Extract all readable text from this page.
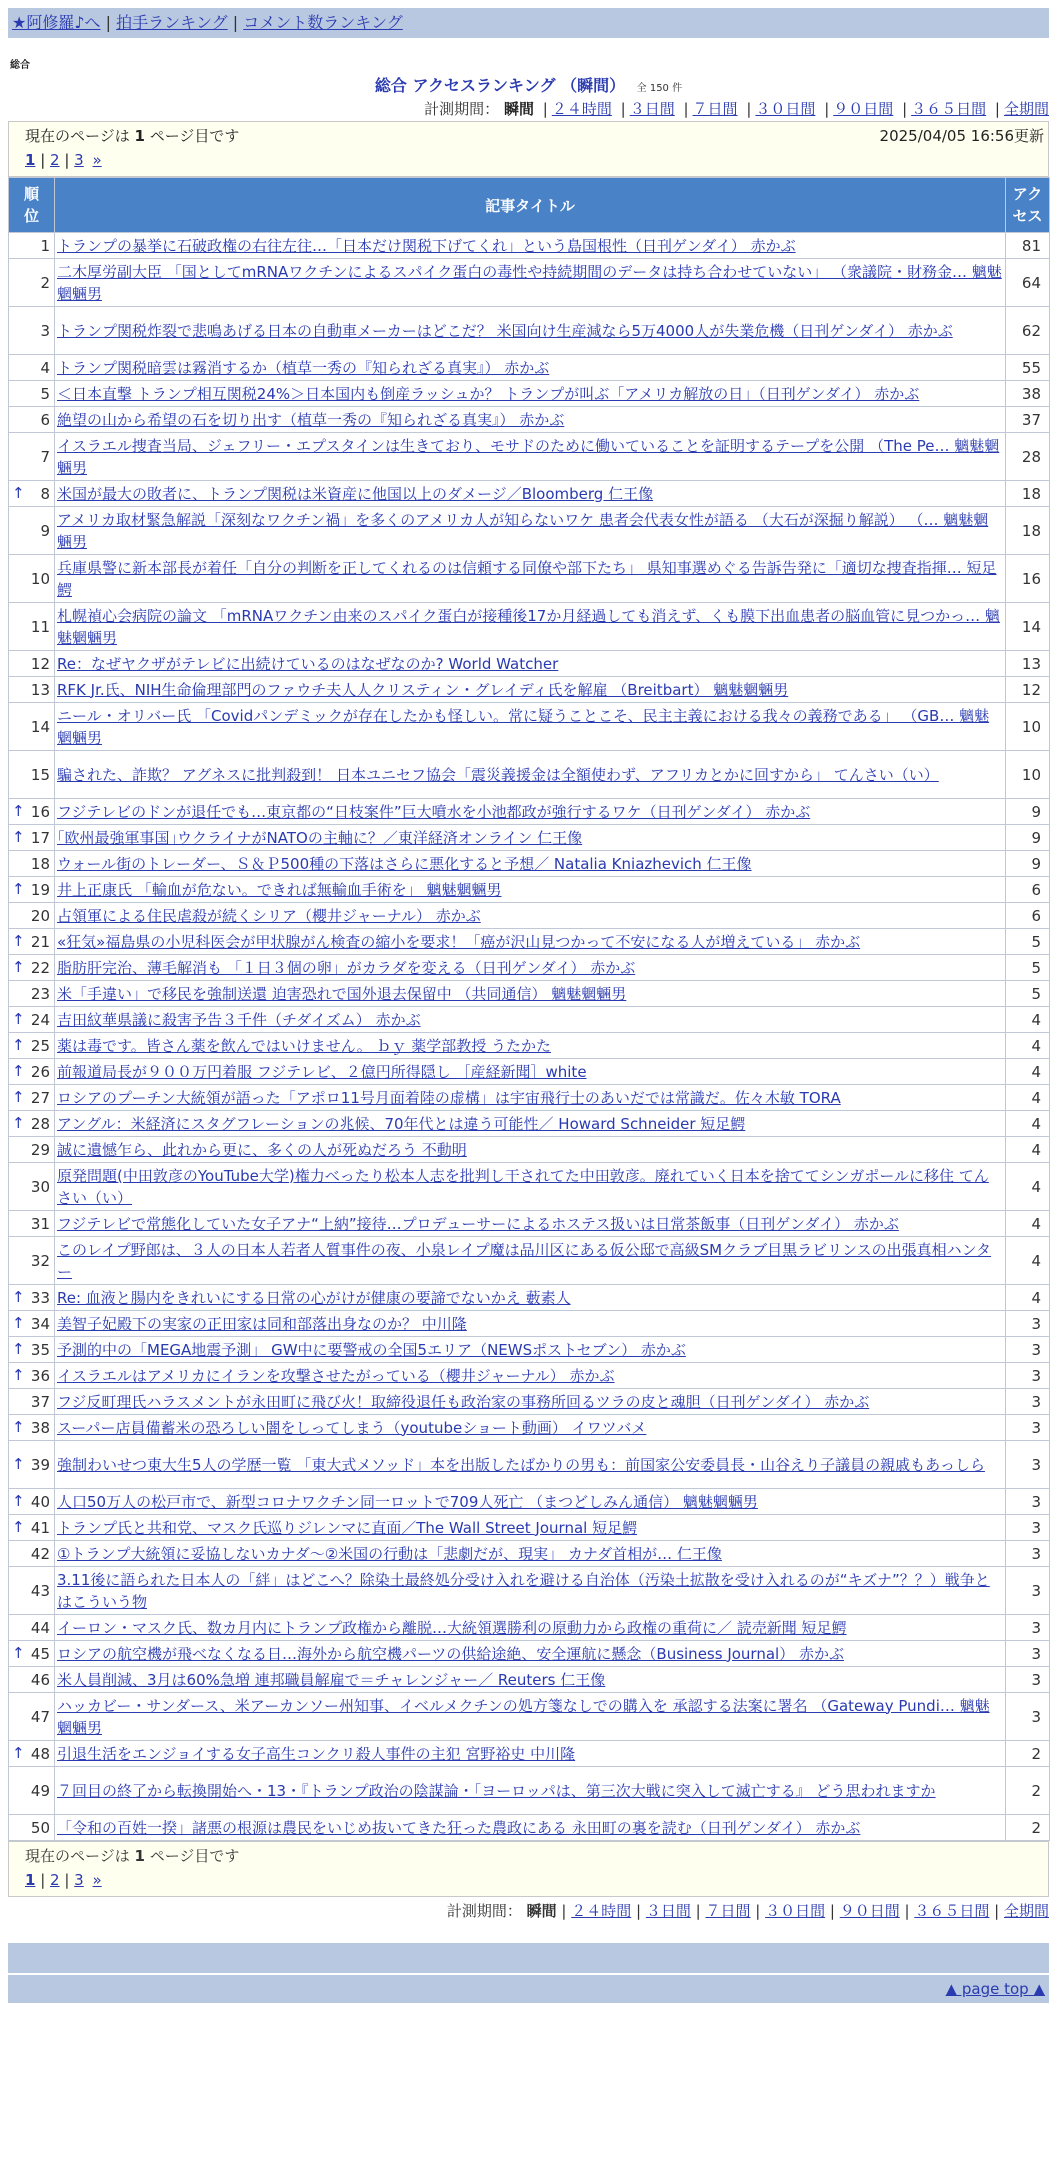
★阿修羅♪へ | 拍手ランキング | コメント数ランキング
総合
総合 アクセスランキング （瞬間） 全 150 件
計測期間： 瞬間 | ２４時間 | ３日間 | ７日間 | ３０日間 | ９０日間 | ３６５日間 | 全期間
現在のページは 1 ページ目です	2025/04/05 16:56更新
1 | 2 | 3 »
順位	記事タイトル	アクセス
1	トランプの暴挙に石破政権の右往左往…「日本だけ関税下げてくれ」という島国根性（日刊ゲンダイ） 赤かぶ	81
2	二木厚労副大臣 「国としてmRNAワクチンによるスパイク蛋白の毒性や持続期間のデータは持ち合わせていない」 （衆議院・財務金… 魑魅魍魎男	64
3	トランプ関税炸裂で悲鳴あげる日本の自動車メーカーはどこだ？ 米国向け生産減なら5万4000人が失業危機（日刊ゲンダイ） 赤かぶ	62
4	トランプ関税暗雲は霧消するか（植草一秀の『知られざる真実』） 赤かぶ	55
5	＜日本直撃 トランプ相互関税24%＞日本国内も倒産ラッシュか？ トランプが叫ぶ「アメリカ解放の日」（日刊ゲンダイ） 赤かぶ	38
6	絶望の山から希望の石を切り出す（植草一秀の『知られざる真実』） 赤かぶ	37
7	イスラエル捜査当局、ジェフリー・エプスタインは生きており、モサドのために働いていることを証明するテープを公開 （The Pe… 魑魅魍魎男	28

↑ 8	米国が最大の敗者に、トランプ関税は米資産に他国以上のダメージ／Bloomberg 仁王像	18
9	アメリカ取材緊急解説「深刻なワクチン禍」を多くのアメリカ人が知らないワケ 患者会代表女性が語る （大石が深掘り解説） （… 魑魅魍魎男	18
10	兵庫県警に新本部長が着任「自分の判断を正してくれるのは信頼する同僚や部下たち」 県知事選めぐる告訴告発に「適切な捜査指揮… 短足鰐	16
11	札幌禎心会病院の論文 「mRNAワクチン由来のスパイク蛋白が接種後17か月経過しても消えず、くも膜下出血患者の脳血管に見つかっ… 魑魅魍魎男	14
12	Re：なぜヤクザがテレビに出続けているのはなぜなのか? World Watcher	13
13	RFK Jr.氏、NIH生命倫理部門のファウチ夫人人クリスティン・グレイディ氏を解雇 （Breitbart） 魑魅魍魎男	12
14	ニール・オリバー氏 「Covidパンデミックが存在したかも怪しい。常に疑うことこそ、民主主義における我々の義務である」 （GB… 魑魅魍魎男	10
15	騙された、詐欺？ アグネスに批判殺到！ 日本ユニセフ協会「震災義援金は全額使わず、アフリカとかに回すから」 てんさい（い）	10

↑ 16	フジテレビのドンが退任でも…東京都の“日枝案件”巨大噴水を小池都政が強行するワケ（日刊ゲンダイ） 赤かぶ	9

↑ 17	｢欧州最強軍事国｣ウクライナがNATOの主軸に？／東洋経済オンライン 仁王像	9
18	ウォール街のトレーダー、Ｓ＆Ｐ500種の下落はさらに悪化すると予想／ Natalia Kniazhevich 仁王像	9

↑ 19	井上正康氏 「輸血が危ない。できれば無輸血手術を」 魑魅魍魎男	6
20	占領軍による住民虐殺が続くシリア（櫻井ジャーナル） 赤かぶ	6

↑ 21	«狂気»福島県の小児科医会が甲状腺がん検査の縮小を要求！「癌が沢山見つかって不安になる人が増えている」 赤かぶ	5

↑ 22	脂肪肝完治、薄毛解消も 「１日３個の卵」がカラダを変える（日刊ゲンダイ） 赤かぶ	5
23	米「手違い」で移民を強制送還 迫害恐れで国外退去保留中 （共同通信） 魑魅魍魎男	5

↑ 24	吉田紋華県議に殺害予告３千件（チダイズム） 赤かぶ	4

↑ 25	薬は毒です。皆さん薬を飲んではいけません。 ｂｙ 薬学部教授 うたかた	4

↑ 26	前報道局長が９００万円着服 フジテレビ、２億円所得隠し ［産経新聞］white	4

↑ 27	ロシアのプーチン大統領が語った「アポロ11号月面着陸の虚構」は宇宙飛行士のあいだでは常識だ。佐々木敏 TORA	4

↑ 28	アングル：米経済にスタグフレーションの兆候、70年代とは違う可能性／ Howard Schneider 短足鰐	4
29	誠に遺憾乍ら、此れから更に、多くの人が死ぬだろう 不動明	4
30	原発問題(中田敦彦のYouTube大学)権力べったり松本人志を批判し干されてた中田敦彦。廃れていく日本を捨ててシンガポールに移住 てんさい（い）	4
31	フジテレビで常態化していた女子アナ“上納”接待…プロデューサーによるホステス扱いは日常茶飯事（日刊ゲンダイ） 赤かぶ	4
32	このレイプ野郎は、３人の日本人若者人質事件の夜、小泉レイプ魔は品川区にある仮公邸で高級SMクラブ目黒ラビリンスの出張真相ハンター	4

↑ 33	Re: 血液と腸内をきれいにする日常の心がけが健康の要諦でないかえ 藪素人	4

↑ 34	美智子妃殿下の実家の正田家は同和部落出身なのか？ 中川隆	3

↑ 35	予測的中の「MEGA地震予測」 GW中に要警戒の全国5エリア（NEWSポストセブン） 赤かぶ	3

↑ 36	イスラエルはアメリカにイランを攻撃させたがっている（櫻井ジャーナル） 赤かぶ	3
37	フジ反町理氏ハラスメントが永田町に飛び火！取締役退任も政治家の事務所回るツラの皮と魂胆（日刊ゲンダイ） 赤かぶ	3

↑ 38	スーパー店員備蓄米の恐ろしい闇をしってしまう（youtubeショート動画） イワツバメ	3

↑ 39	強制わいせつ東大生5人の学歴一覧 「東大式メソッド」本を出版したばかりの男も：前国家公安委員長・山谷えり子議員の親戚もあっしら	3

↑ 40	人口50万人の松戸市で、新型コロナワクチン同一ロットで709人死亡 （まつどしみん通信） 魑魅魍魎男	3

↑ 41	トランプ氏と共和党、マスク氏巡りジレンマに直面／The Wall Street Journal 短足鰐	3
42	①トランプ大統領に妥協しないカナダ～②米国の行動は「悲劇だが、現実」 カナダ首相が… 仁王像	3
43	3.11後に語られた日本人の「絆」はどこへ？除染土最終処分受け入れを避ける自治体（汚染土拡散を受け入れるのが“キズナ”？？）戦争とはこういう物	3
44	イーロン・マスク氏、数カ月内にトランプ政権から離脱…大統領選勝利の原動力から政権の重荷に／ 読売新聞 短足鰐	3

↑ 45	ロシアの航空機が飛べなくなる日…海外から航空機パーツの供給途絶、安全運航に懸念（Business Journal） 赤かぶ	3
46	米人員削減、3月は60%急増 連邦職員解雇で＝チャレンジャー／ Reuters 仁王像	3
47	ハッカビー・サンダース、米アーカンソー州知事、イベルメクチンの処方箋なしでの購入を 承認する法案に署名 （Gateway Pundi… 魑魅魍魎男	3

↑ 48	引退生活をエンジョイする女子高生コンクリ殺人事件の主犯 宮野裕史 中川隆	2
49	７回目の終了から転換開始へ・13・『トランプ政治の陰謀論・「ヨーロッパは、第三次大戦に突入して滅亡する』 どう思われますか	2
50	「令和の百姓一揆」諸悪の根源は農民をいじめ抜いてきた狂った農政にある 永田町の裏を読む（日刊ゲンダイ） 赤かぶ	2
現在のページは 1 ページ目です
1 | 2 | 3 »
計測期間： 瞬間 | ２４時間 | ３日間 | ７日間 | ３０日間 | ９０日間 | ３６５日間 | 全期間
▲ page top ▲
